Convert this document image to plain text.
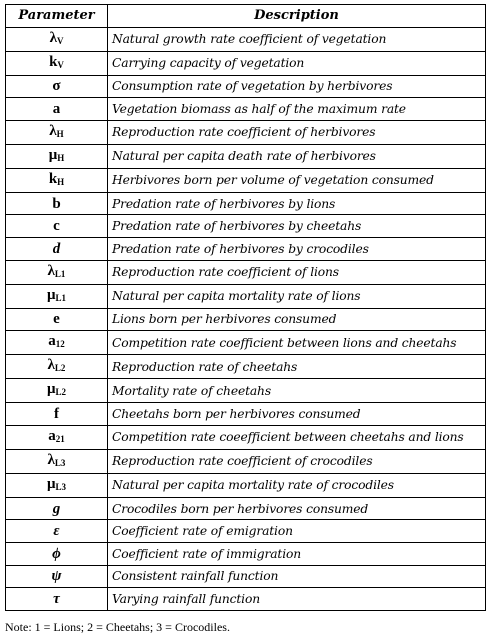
Parameter	Description
$\lambda_V$	Natural growth rate coefficient of vegetation
$k_V$	Carrying capacity of vegetation
σ	Consumption rate of vegetation by herbivores
a	Vegetation biomass as half of the maximum rate
$\lambda_H$	Reproduction rate coefficient of herbivores
$\mu_H$	Natural per capita death rate of herbivores
$k_H$	Herbivores born per volume of vegetation consumed
b	Predation rate of herbivores by lions
c	Predation rate of herbivores by cheetahs
d	Predation rate of herbivores by crocodiles
$\lambda_{L1}$	Reproduction rate coefficient of lions
$\mu_{L1}$	Natural per capita mortality rate of lions
e	Lions born per herbivores consumed
$a_{12}$	Competition rate coefficient between lions and cheetahs
$\lambda_{L2}$	Reproduction rate of cheetahs
$\mu_{L2}$	Mortality rate of cheetahs
f	Cheetahs born per herbivores consumed
$a_{21}$	Competition rate coeefficient between cheetahs and lions
$\lambda_{L3}$	Reproduction rate coefficient of crocodiles
$\mu_{L3}$	Natural per capita mortality rate of crocodiles
g	Crocodiles born per herbivores consumed
ε	Coefficient rate of emigration
ϕ	Coefficient rate of immigration
ψ	Consistent rainfall function
τ	Varying rainfall function
Note: 1 = Lions; 2 = Cheetahs; 3 = Crocodiles.
